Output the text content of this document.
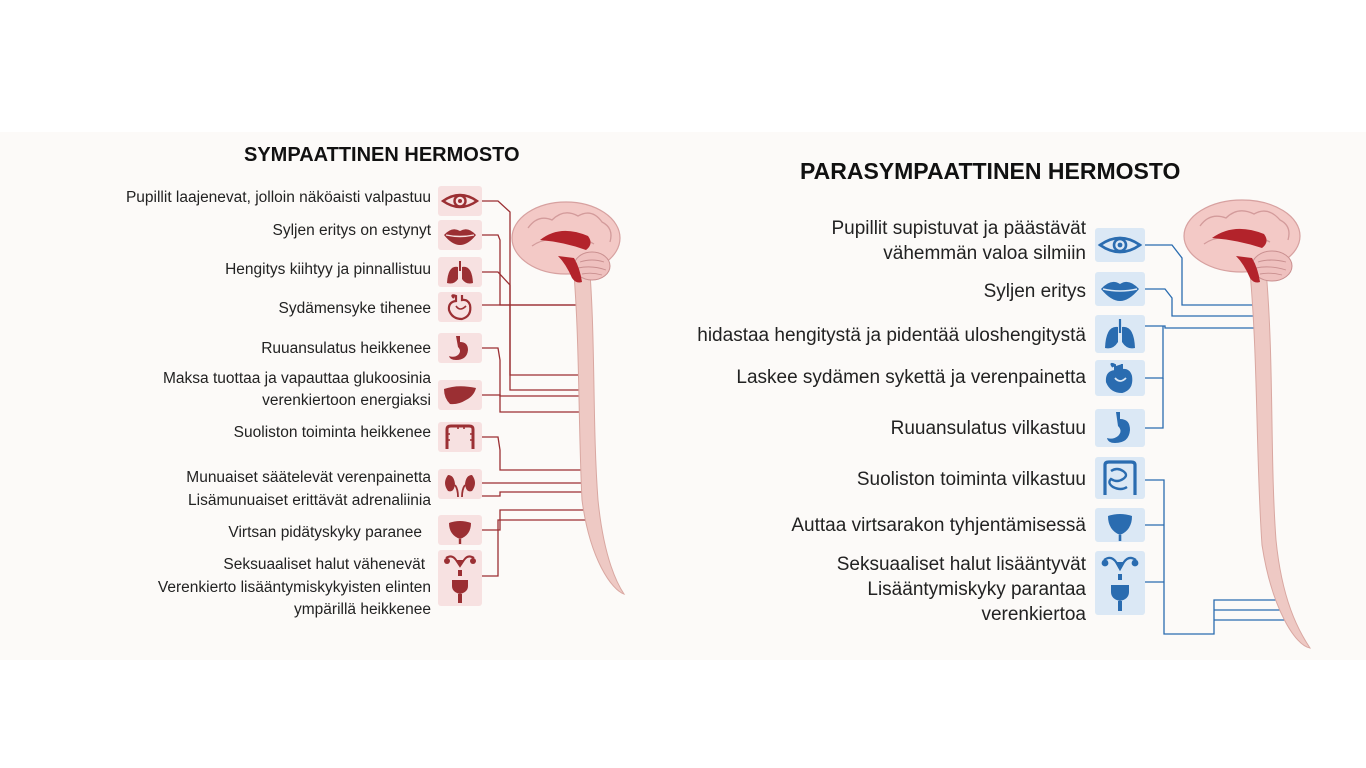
SYMPAATTINEN HERMOSTO
PARASYMPAATTINEN HERMOSTO
Pupillit laajenevat, jolloin näköaisti valpastuu
Syljen eritys on estynyt
Hengitys kiihtyy ja pinnallistuu
Sydämensyke tihenee
Ruuansulatus heikkenee
Maksa tuottaa ja vapauttaa glukoosinia
verenkiertoon energiaksi
Suoliston toiminta heikkenee
Munuaiset säätelevät verenpainetta
Lisämunuaiset erittävät adrenaliinia
Virtsan pidätyskyky paranee
Seksuaaliset halut vähenevät
Verenkierto lisääntymiskykyisten elinten
ympärillä heikkenee
Pupillit supistuvat ja päästävät
vähemmän valoa silmiin
Syljen eritys
hidastaa hengitystä ja pidentää uloshengitystä
Laskee sydämen sykettä ja verenpainetta
Ruuansulatus vilkastuu
Suoliston toiminta vilkastuu
Auttaa virtsarakon tyhjentämisessä
Seksuaaliset halut lisääntyvät
Lisääntymiskyky parantaa
verenkiertoa
